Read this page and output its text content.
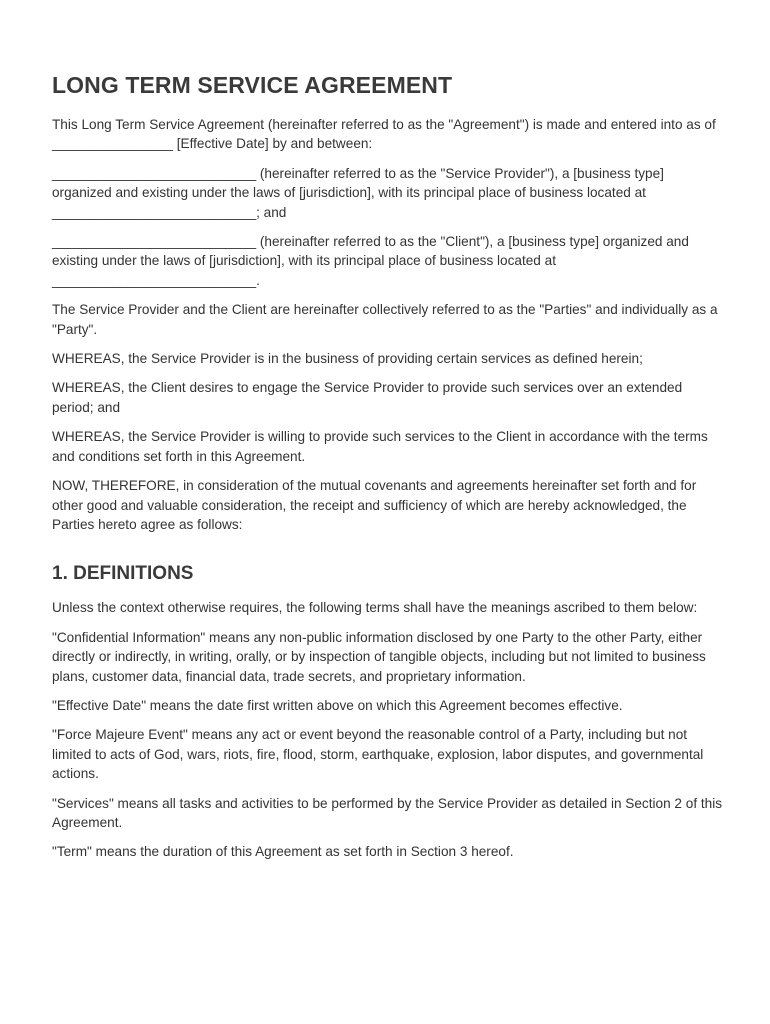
LONG TERM SERVICE AGREEMENT

This Long Term Service Agreement (hereinafter referred to as the "Agreement") is made and entered into as of ________________ [Effective Date] by and between:

___________________________ (hereinafter referred to as the "Service Provider"), a [business type] organized and existing under the laws of [jurisdiction], with its principal place of business located at ___________________________; and

___________________________ (hereinafter referred to as the "Client"), a [business type] organized and existing under the laws of [jurisdiction], with its principal place of business located at ___________________________.

The Service Provider and the Client are hereinafter collectively referred to as the "Parties" and individually as a "Party".

WHEREAS, the Service Provider is in the business of providing certain services as defined herein;

WHEREAS, the Client desires to engage the Service Provider to provide such services over an extended period; and

WHEREAS, the Service Provider is willing to provide such services to the Client in accordance with the terms and conditions set forth in this Agreement.

NOW, THEREFORE, in consideration of the mutual covenants and agreements hereinafter set forth and for other good and valuable consideration, the receipt and sufficiency of which are hereby acknowledged, the Parties hereto agree as follows:

1. DEFINITIONS

Unless the context otherwise requires, the following terms shall have the meanings ascribed to them below:

"Confidential Information" means any non-public information disclosed by one Party to the other Party, either directly or indirectly, in writing, orally, or by inspection of tangible objects, including but not limited to business plans, customer data, financial data, trade secrets, and proprietary information.

"Effective Date" means the date first written above on which this Agreement becomes effective.

"Force Majeure Event" means any act or event beyond the reasonable control of a Party, including but not limited to acts of God, wars, riots, fire, flood, storm, earthquake, explosion, labor disputes, and governmental actions.

"Services" means all tasks and activities to be performed by the Service Provider as detailed in Section 2 of this Agreement.

"Term" means the duration of this Agreement as set forth in Section 3 hereof.
